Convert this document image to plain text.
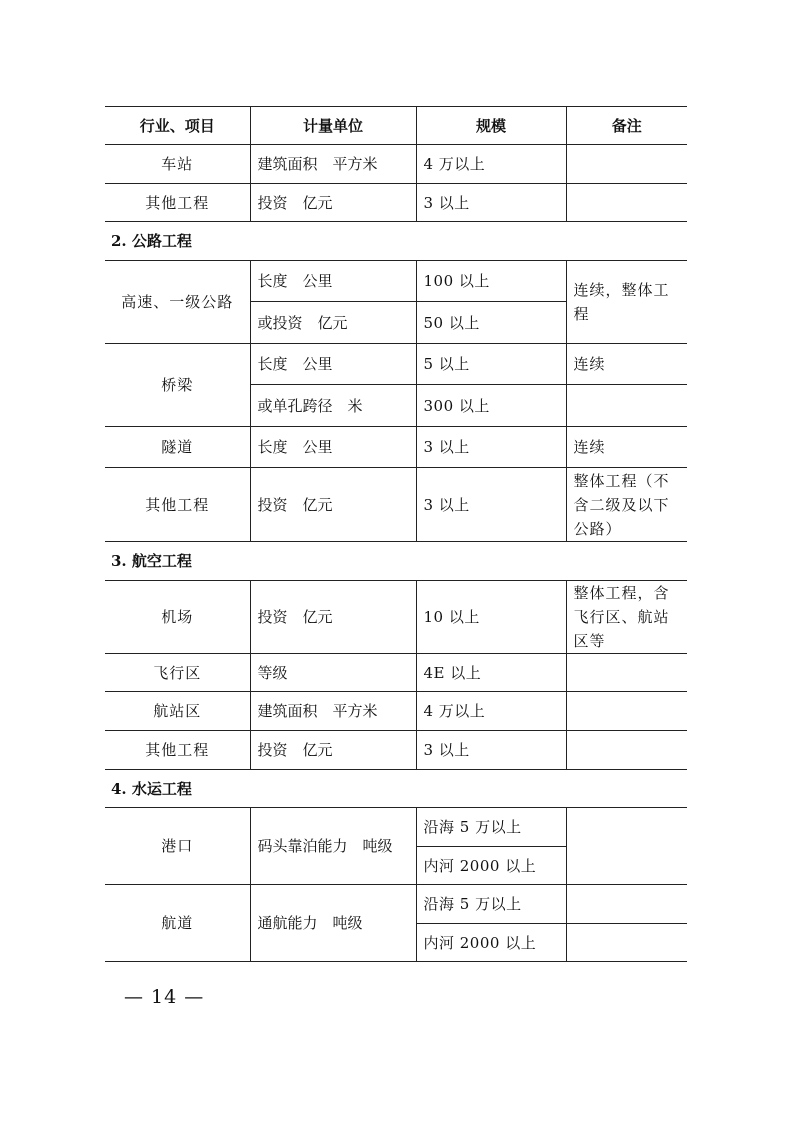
行业、项目	计量单位	规模	备注
车站	建筑面积　平方米	4 万以上	
其他工程	投资　亿元	3 以上	
2. 公路工程			
高速、一级公路	长度　公里	100 以上	连续，整体工程
	或投资　亿元	50 以上	
桥梁	长度　公里	5 以上	连续
	或单孔跨径　米	300 以上	
隧道	长度　公里	3 以上	连续
其他工程	投资　亿元	3 以上	整体工程（不含二级及以下公路）
3. 航空工程			
机场	投资　亿元	10 以上	整体工程，含飞行区、航站区等
飞行区	等级	4E 以上	
航站区	建筑面积　平方米	4 万以上	
其他工程	投资　亿元	3 以上	
4. 水运工程			
港口	码头靠泊能力　吨级	沿海 5 万以上	
		内河 2000 以上	
航道	通航能力　吨级	沿海 5 万以上	
		内河 2000 以上	
— 14 —
